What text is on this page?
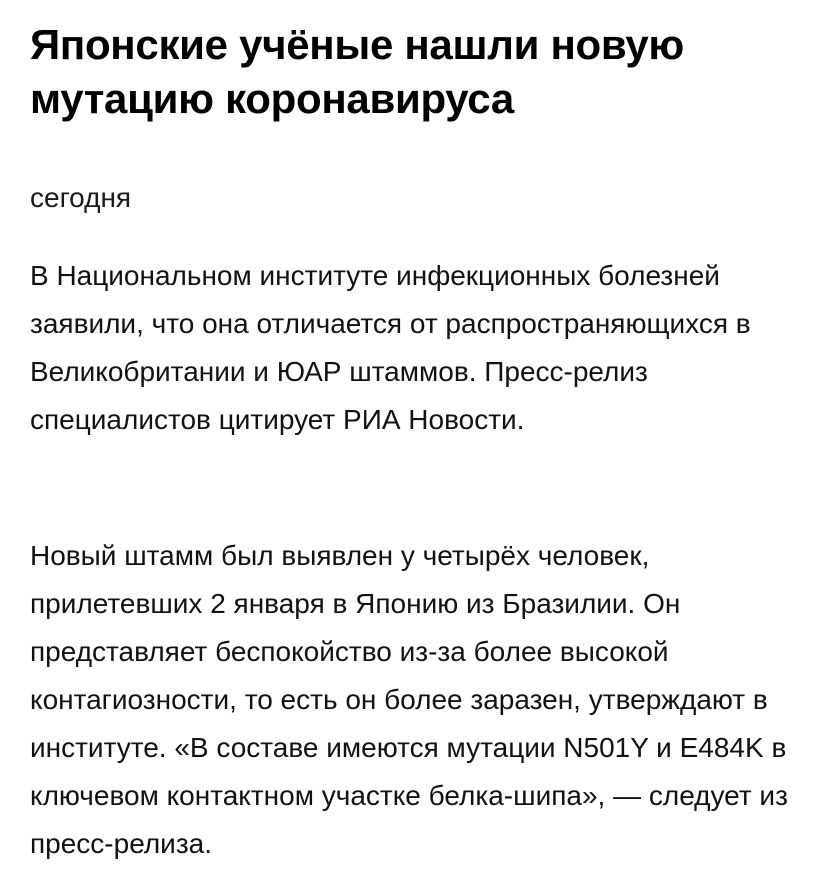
Японские учёные нашли новую мутацию коронавируса

сегодня

В Национальном институте инфекционных болезней заявили, что она отличается от распространяющихся в Великобритании и ЮАР штаммов. Пресс-релиз специалистов цитирует РИА Новости.

Новый штамм был выявлен у четырёх человек, прилетевших 2 января в Японию из Бразилии. Он представляет беспокойство из-за более высокой контагиозности, то есть он более заразен, утверждают в институте. «В составе имеются мутации N501Y и E484K в ключевом контактном участке белка-шипа», — следует из пресс-релиза.
